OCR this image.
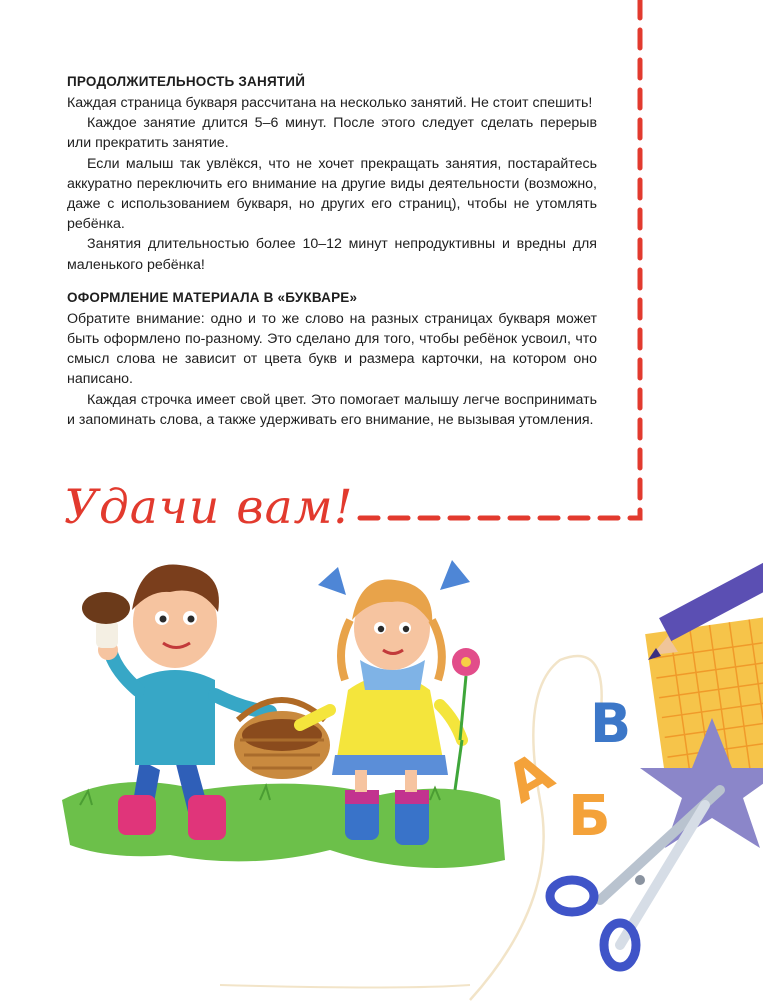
ПРОДОЛЖИТЕЛЬНОСТЬ ЗАНЯТИЙ

Каждая страница букваря рассчитана на несколько занятий. Не стоит спешить!

Каждое занятие длится 5–6 минут. После этого следует сделать перерыв или прекратить занятие.

Если малыш так увлёкся, что не хочет прекращать занятия, постарайтесь аккуратно переключить его внимание на другие виды деятельности (возможно, даже с использованием букваря, но других его страниц), чтобы не утомлять ребёнка.

Занятия длительностью более 10–12 минут непродуктивны и вредны для маленького ребёнка!

ОФОРМЛЕНИЕ МАТЕРИАЛА В «БУКВАРЕ»

Обратите внимание: одно и то же слово на разных страницах букваря может быть оформлено по-разному. Это сделано для того, чтобы ребёнок усвоил, что смысл слова не зависит от цвета букв и размера карточки, на котором оно написано.

Каждая строчка имеет свой цвет. Это помогает малышу легче воспринимать и запоминать слова, а также удерживать его внимание, не вызывая утомления.

Удачи вам!
А
Б
В
